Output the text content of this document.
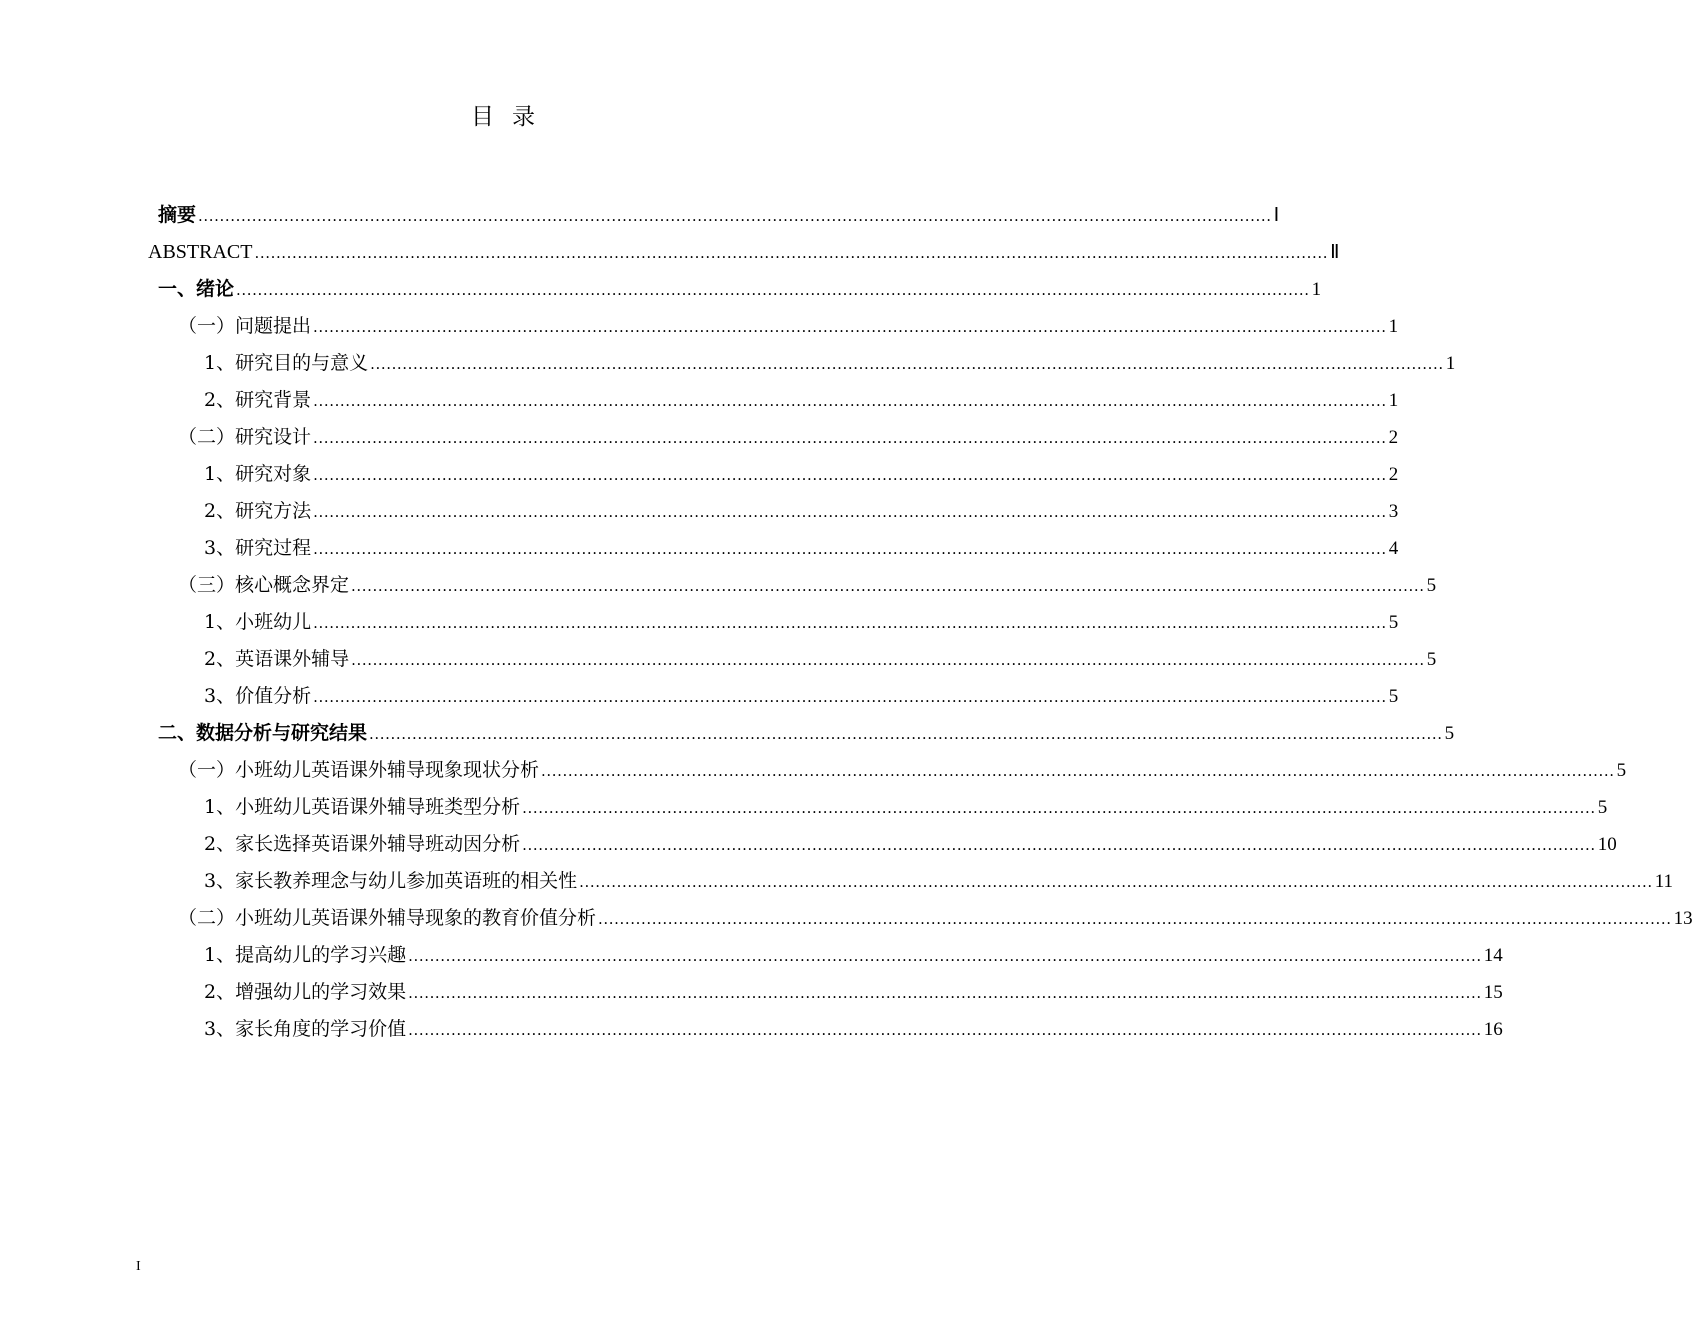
目录
摘要 ........................................................................................................................................................................................................ Ⅰ
ABSTRACT ........................................................................................................................................................................................................ Ⅱ
一、绪论 ........................................................................................................................................................................................................ 1
（一）问题提出 ........................................................................................................................................................................................................ 1
1、研究目的与意义 ........................................................................................................................................................................................................ 1
2、研究背景 ........................................................................................................................................................................................................ 1
（二）研究设计 ........................................................................................................................................................................................................ 2
1、研究对象 ........................................................................................................................................................................................................ 2
2、研究方法 ........................................................................................................................................................................................................ 3
3、研究过程 ........................................................................................................................................................................................................ 4
（三）核心概念界定 ........................................................................................................................................................................................................ 5
1、小班幼儿 ........................................................................................................................................................................................................ 5
2、英语课外辅导 ........................................................................................................................................................................................................ 5
3、价值分析 ........................................................................................................................................................................................................ 5
二、数据分析与研究结果 ........................................................................................................................................................................................................ 5
（一）小班幼儿英语课外辅导现象现状分析 ........................................................................................................................................................................................................ 5
1、小班幼儿英语课外辅导班类型分析 ........................................................................................................................................................................................................ 5
2、家长选择英语课外辅导班动因分析 ........................................................................................................................................................................................................ 10
3、家长教养理念与幼儿参加英语班的相关性 ........................................................................................................................................................................................................ 11
（二）小班幼儿英语课外辅导现象的教育价值分析 ........................................................................................................................................................................................................ 13
1、提高幼儿的学习兴趣 ........................................................................................................................................................................................................ 14
2、增强幼儿的学习效果 ........................................................................................................................................................................................................ 15
3、家长角度的学习价值 ........................................................................................................................................................................................................ 16
I
